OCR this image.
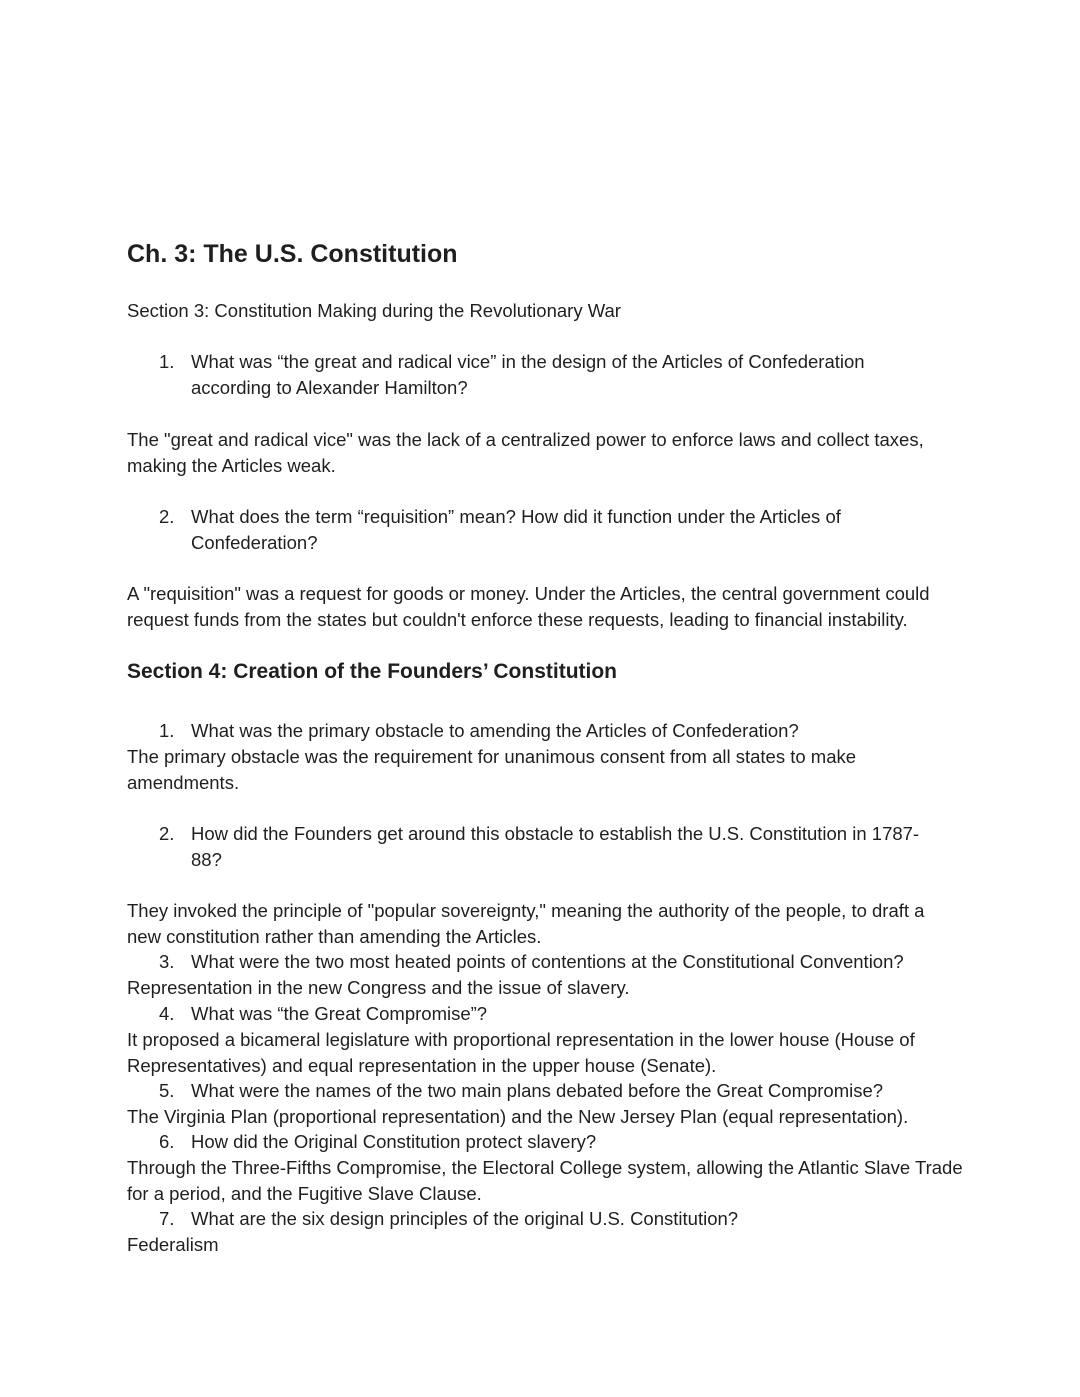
Ch. 3: The U.S. Constitution

Section 3: Constitution Making during the Revolutionary War

1. What was “the great and radical vice” in the design of the Articles of Confederation according to Alexander Hamilton?

The "great and radical vice" was the lack of a centralized power to enforce laws and collect taxes, making the Articles weak.

2. What does the term “requisition” mean? How did it function under the Articles of Confederation?

A "requisition" was a request for goods or money. Under the Articles, the central government could request funds from the states but couldn't enforce these requests, leading to financial instability.

Section 4: Creation of the Founders’ Constitution

1. What was the primary obstacle to amending the Articles of Confederation?

The primary obstacle was the requirement for unanimous consent from all states to make amendments.

2. How did the Founders get around this obstacle to establish the U.S. Constitution in 1787-88?

They invoked the principle of "popular sovereignty," meaning the authority of the people, to draft a new constitution rather than amending the Articles.

3. What were the two most heated points of contentions at the Constitutional Convention?

Representation in the new Congress and the issue of slavery.

4. What was “the Great Compromise”?

It proposed a bicameral legislature with proportional representation in the lower house (House of Representatives) and equal representation in the upper house (Senate).

5. What were the names of the two main plans debated before the Great Compromise?

The Virginia Plan (proportional representation) and the New Jersey Plan (equal representation).

6. How did the Original Constitution protect slavery?

Through the Three-Fifths Compromise, the Electoral College system, allowing the Atlantic Slave Trade for a period, and the Fugitive Slave Clause.

7. What are the six design principles of the original U.S. Constitution?

Federalism
